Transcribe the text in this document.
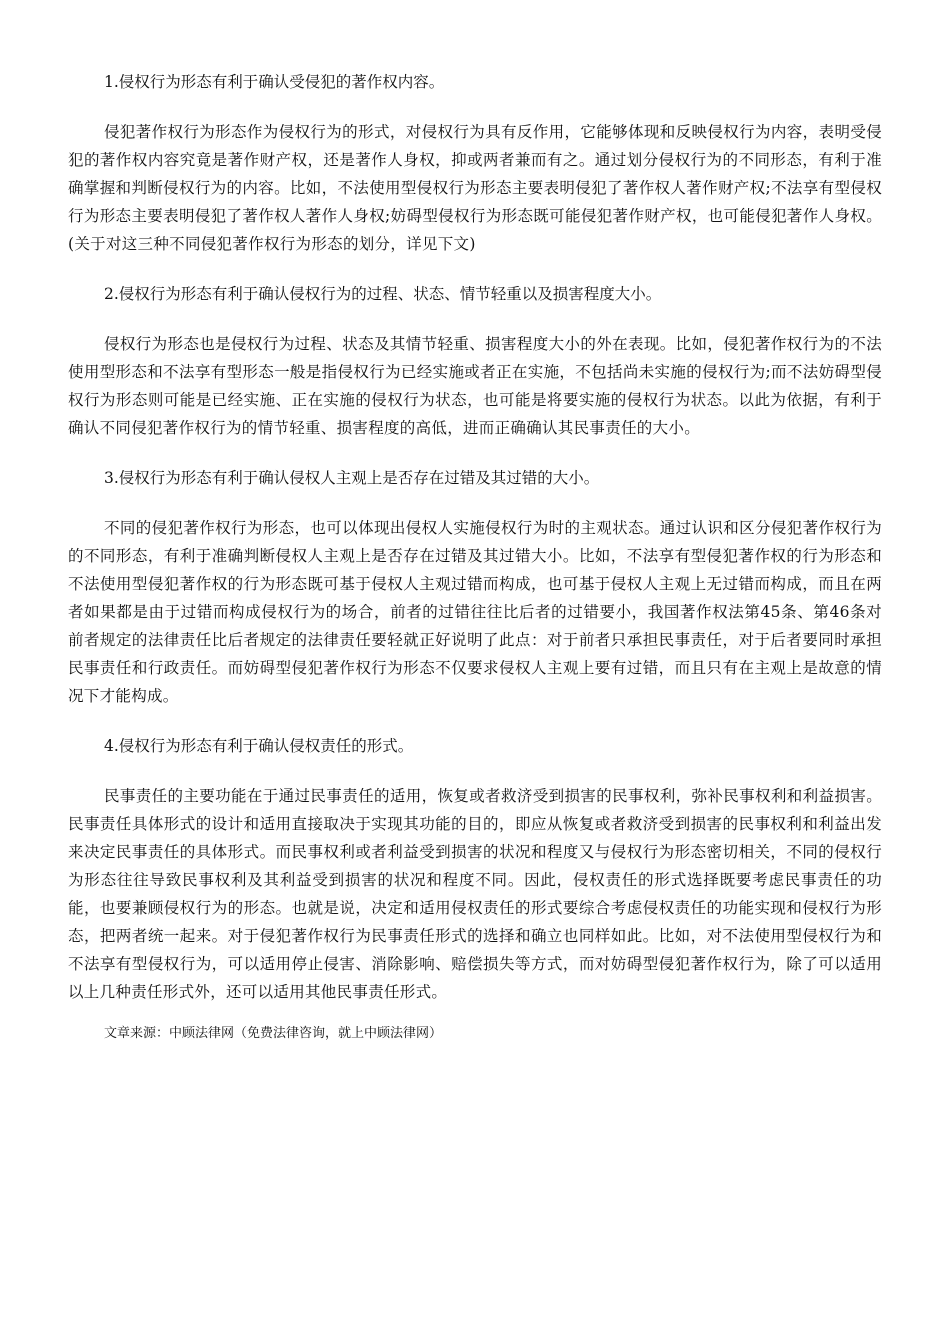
1.侵权行为形态有利于确认受侵犯的著作权内容。

侵犯著作权行为形态作为侵权行为的形式，对侵权行为具有反作用，它能够体现和反映侵权行为内容，表明受侵犯的著作权内容究竟是著作财产权，还是著作人身权，抑或两者兼而有之。通过划分侵权行为的不同形态，有利于准确掌握和判断侵权行为的内容。比如，不法使用型侵权行为形态主要表明侵犯了著作权人著作财产权;不法享有型侵权行为形态主要表明侵犯了著作权人著作人身权;妨碍型侵权行为形态既可能侵犯著作财产权，也可能侵犯著作人身权。(关于对这三种不同侵犯著作权行为形态的划分，详见下文)

2.侵权行为形态有利于确认侵权行为的过程、状态、情节轻重以及损害程度大小。

侵权行为形态也是侵权行为过程、状态及其情节轻重、损害程度大小的外在表现。比如，侵犯著作权行为的不法使用型形态和不法享有型形态一般是指侵权行为已经实施或者正在实施，不包括尚未实施的侵权行为;而不法妨碍型侵权行为形态则可能是已经实施、正在实施的侵权行为状态，也可能是将要实施的侵权行为状态。以此为依据，有利于确认不同侵犯著作权行为的情节轻重、损害程度的高低，进而正确确认其民事责任的大小。

3.侵权行为形态有利于确认侵权人主观上是否存在过错及其过错的大小。

不同的侵犯著作权行为形态，也可以体现出侵权人实施侵权行为时的主观状态。通过认识和区分侵犯著作权行为的不同形态，有利于准确判断侵权人主观上是否存在过错及其过错大小。比如，不法享有型侵犯著作权的行为形态和不法使用型侵犯著作权的行为形态既可基于侵权人主观过错而构成，也可基于侵权人主观上无过错而构成，而且在两者如果都是由于过错而构成侵权行为的场合，前者的过错往往比后者的过错要小，我国著作权法第45条、第46条对前者规定的法律责任比后者规定的法律责任要轻就正好说明了此点：对于前者只承担民事责任，对于后者要同时承担民事责任和行政责任。而妨碍型侵犯著作权行为形态不仅要求侵权人主观上要有过错，而且只有在主观上是故意的情况下才能构成。

4.侵权行为形态有利于确认侵权责任的形式。

民事责任的主要功能在于通过民事责任的适用，恢复或者救济受到损害的民事权利，弥补民事权利和利益损害。民事责任具体形式的设计和适用直接取决于实现其功能的目的，即应从恢复或者救济受到损害的民事权利和利益出发来决定民事责任的具体形式。而民事权利或者利益受到损害的状况和程度又与侵权行为形态密切相关，不同的侵权行为形态往往导致民事权利及其利益受到损害的状况和程度不同。因此，侵权责任的形式选择既要考虑民事责任的功能，也要兼顾侵权行为的形态。也就是说，决定和适用侵权责任的形式要综合考虑侵权责任的功能实现和侵权行为形态，把两者统一起来。对于侵犯著作权行为民事责任形式的选择和确立也同样如此。比如，对不法使用型侵权行为和不法享有型侵权行为，可以适用停止侵害、消除影响、赔偿损失等方式，而对妨碍型侵犯著作权行为，除了可以适用以上几种责任形式外，还可以适用其他民事责任形式。

文章来源：中顾法律网（免费法律咨询，就上中顾法律网）
